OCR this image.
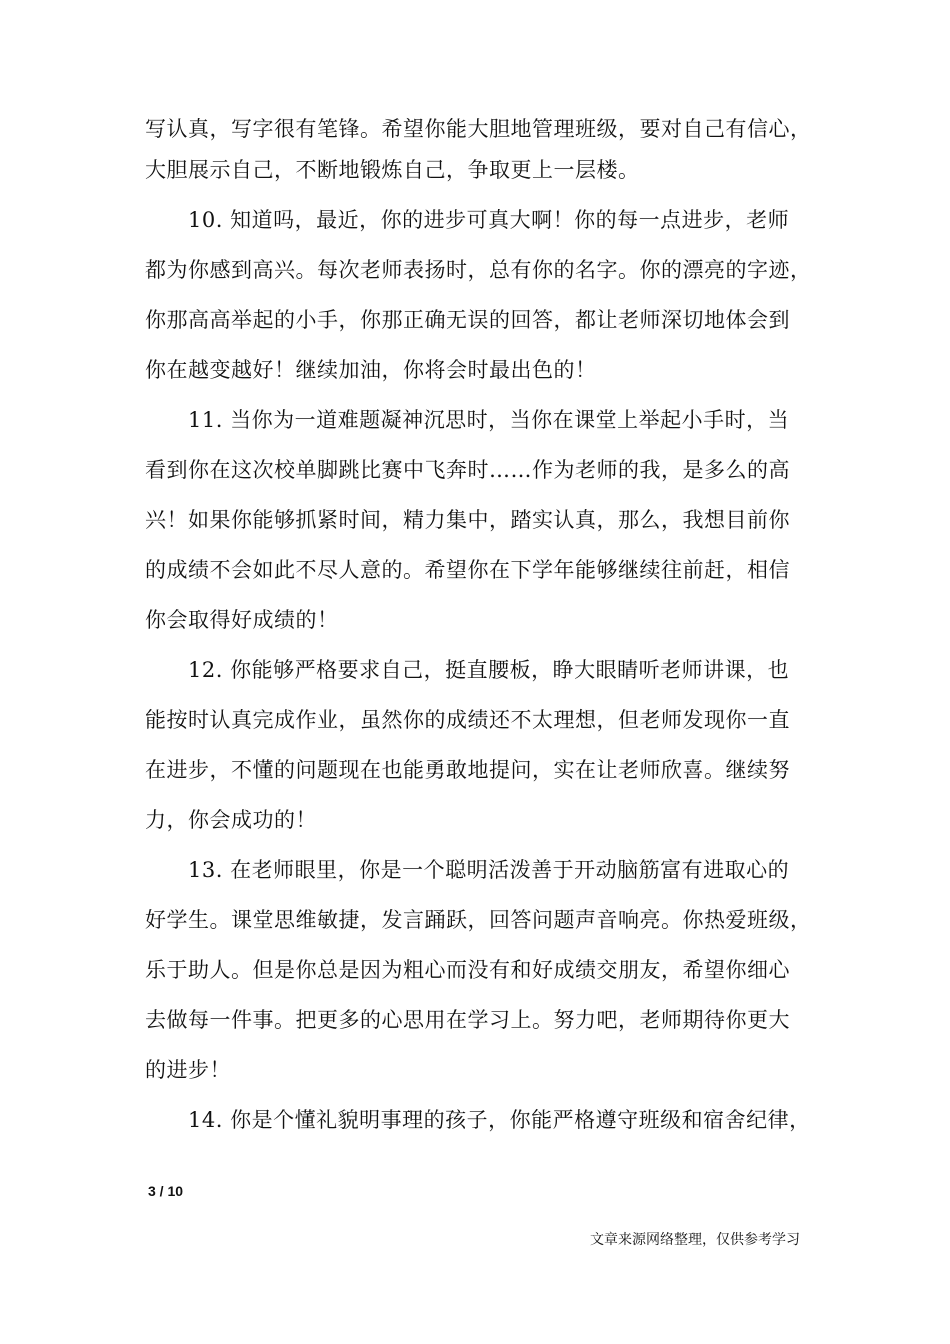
写认真，写字很有笔锋。希望你能大胆地管理班级，要对自己有信心，
大胆展示自己，不断地锻炼自己，争取更上一层楼。
10. 知道吗，最近，你的进步可真大啊！你的每一点进步，老师
都为你感到高兴。每次老师表扬时，总有你的名字。你的漂亮的字迹，
你那高高举起的小手，你那正确无误的回答，都让老师深切地体会到
你在越变越好！继续加油，你将会时最出色的！
11. 当你为一道难题凝神沉思时，当你在课堂上举起小手时，当
看到你在这次校单脚跳比赛中飞奔时……作为老师的我，是多么的高
兴！如果你能够抓紧时间，精力集中，踏实认真，那么，我想目前你
的成绩不会如此不尽人意的。希望你在下学年能够继续往前赶，相信
你会取得好成绩的！
12. 你能够严格要求自己，挺直腰板，睁大眼睛听老师讲课，也
能按时认真完成作业，虽然你的成绩还不太理想，但老师发现你一直
在进步，不懂的问题现在也能勇敢地提问，实在让老师欣喜。继续努
力，你会成功的！
13. 在老师眼里，你是一个聪明活泼善于开动脑筋富有进取心的
好学生。课堂思维敏捷，发言踊跃，回答问题声音响亮。你热爱班级，
乐于助人。但是你总是因为粗心而没有和好成绩交朋友，希望你细心
去做每一件事。把更多的心思用在学习上。努力吧，老师期待你更大
的进步！
14. 你是个懂礼貌明事理的孩子，你能严格遵守班级和宿舍纪律，
3 / 10
文章来源网络整理，仅供参考学习
